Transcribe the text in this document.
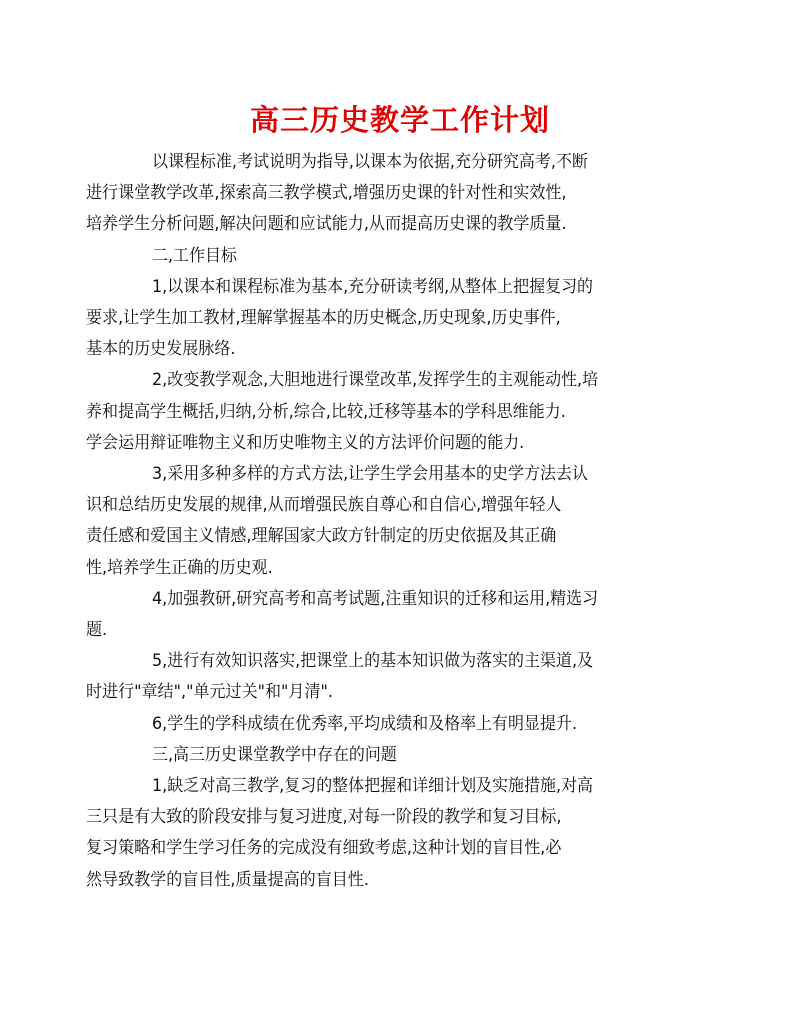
高三历史教学工作计划

以课程标准,考试说明为指导,以课本为依据,充分研究高考,不断
进行课堂教学改革,探索高三教学模式,增强历史课的针对性和实效性,
培养学生分析问题,解决问题和应试能力,从而提高历史课的教学质量.

二,工作目标

1,以课本和课程标准为基本,充分研读考纲,从整体上把握复习的
要求,让学生加工教材,理解掌握基本的历史概念,历史现象,历史事件,
基本的历史发展脉络.

2,改变教学观念,大胆地进行课堂改革,发挥学生的主观能动性,培
养和提高学生概括,归纳,分析,综合,比较,迁移等基本的学科思维能力.
学会运用辩证唯物主义和历史唯物主义的方法评价问题的能力.

3,采用多种多样的方式方法,让学生学会用基本的史学方法去认
识和总结历史发展的规律,从而增强民族自尊心和自信心,增强年轻人
责任感和爱国主义情感,理解国家大政方针制定的历史依据及其正确
性,培养学生正确的历史观.

4,加强教研,研究高考和高考试题,注重知识的迁移和运用,精选习
题.

5,进行有效知识落实,把课堂上的基本知识做为落实的主渠道,及
时进行"章结","单元过关"和"月清".

6,学生的学科成绩在优秀率,平均成绩和及格率上有明显提升.

三,高三历史课堂教学中存在的问题

1,缺乏对高三教学,复习的整体把握和详细计划及实施措施,对高
三只是有大致的阶段安排与复习进度,对每一阶段的教学和复习目标,
复习策略和学生学习任务的完成没有细致考虑,这种计划的盲目性,必
然导致教学的盲目性,质量提高的盲目性.
